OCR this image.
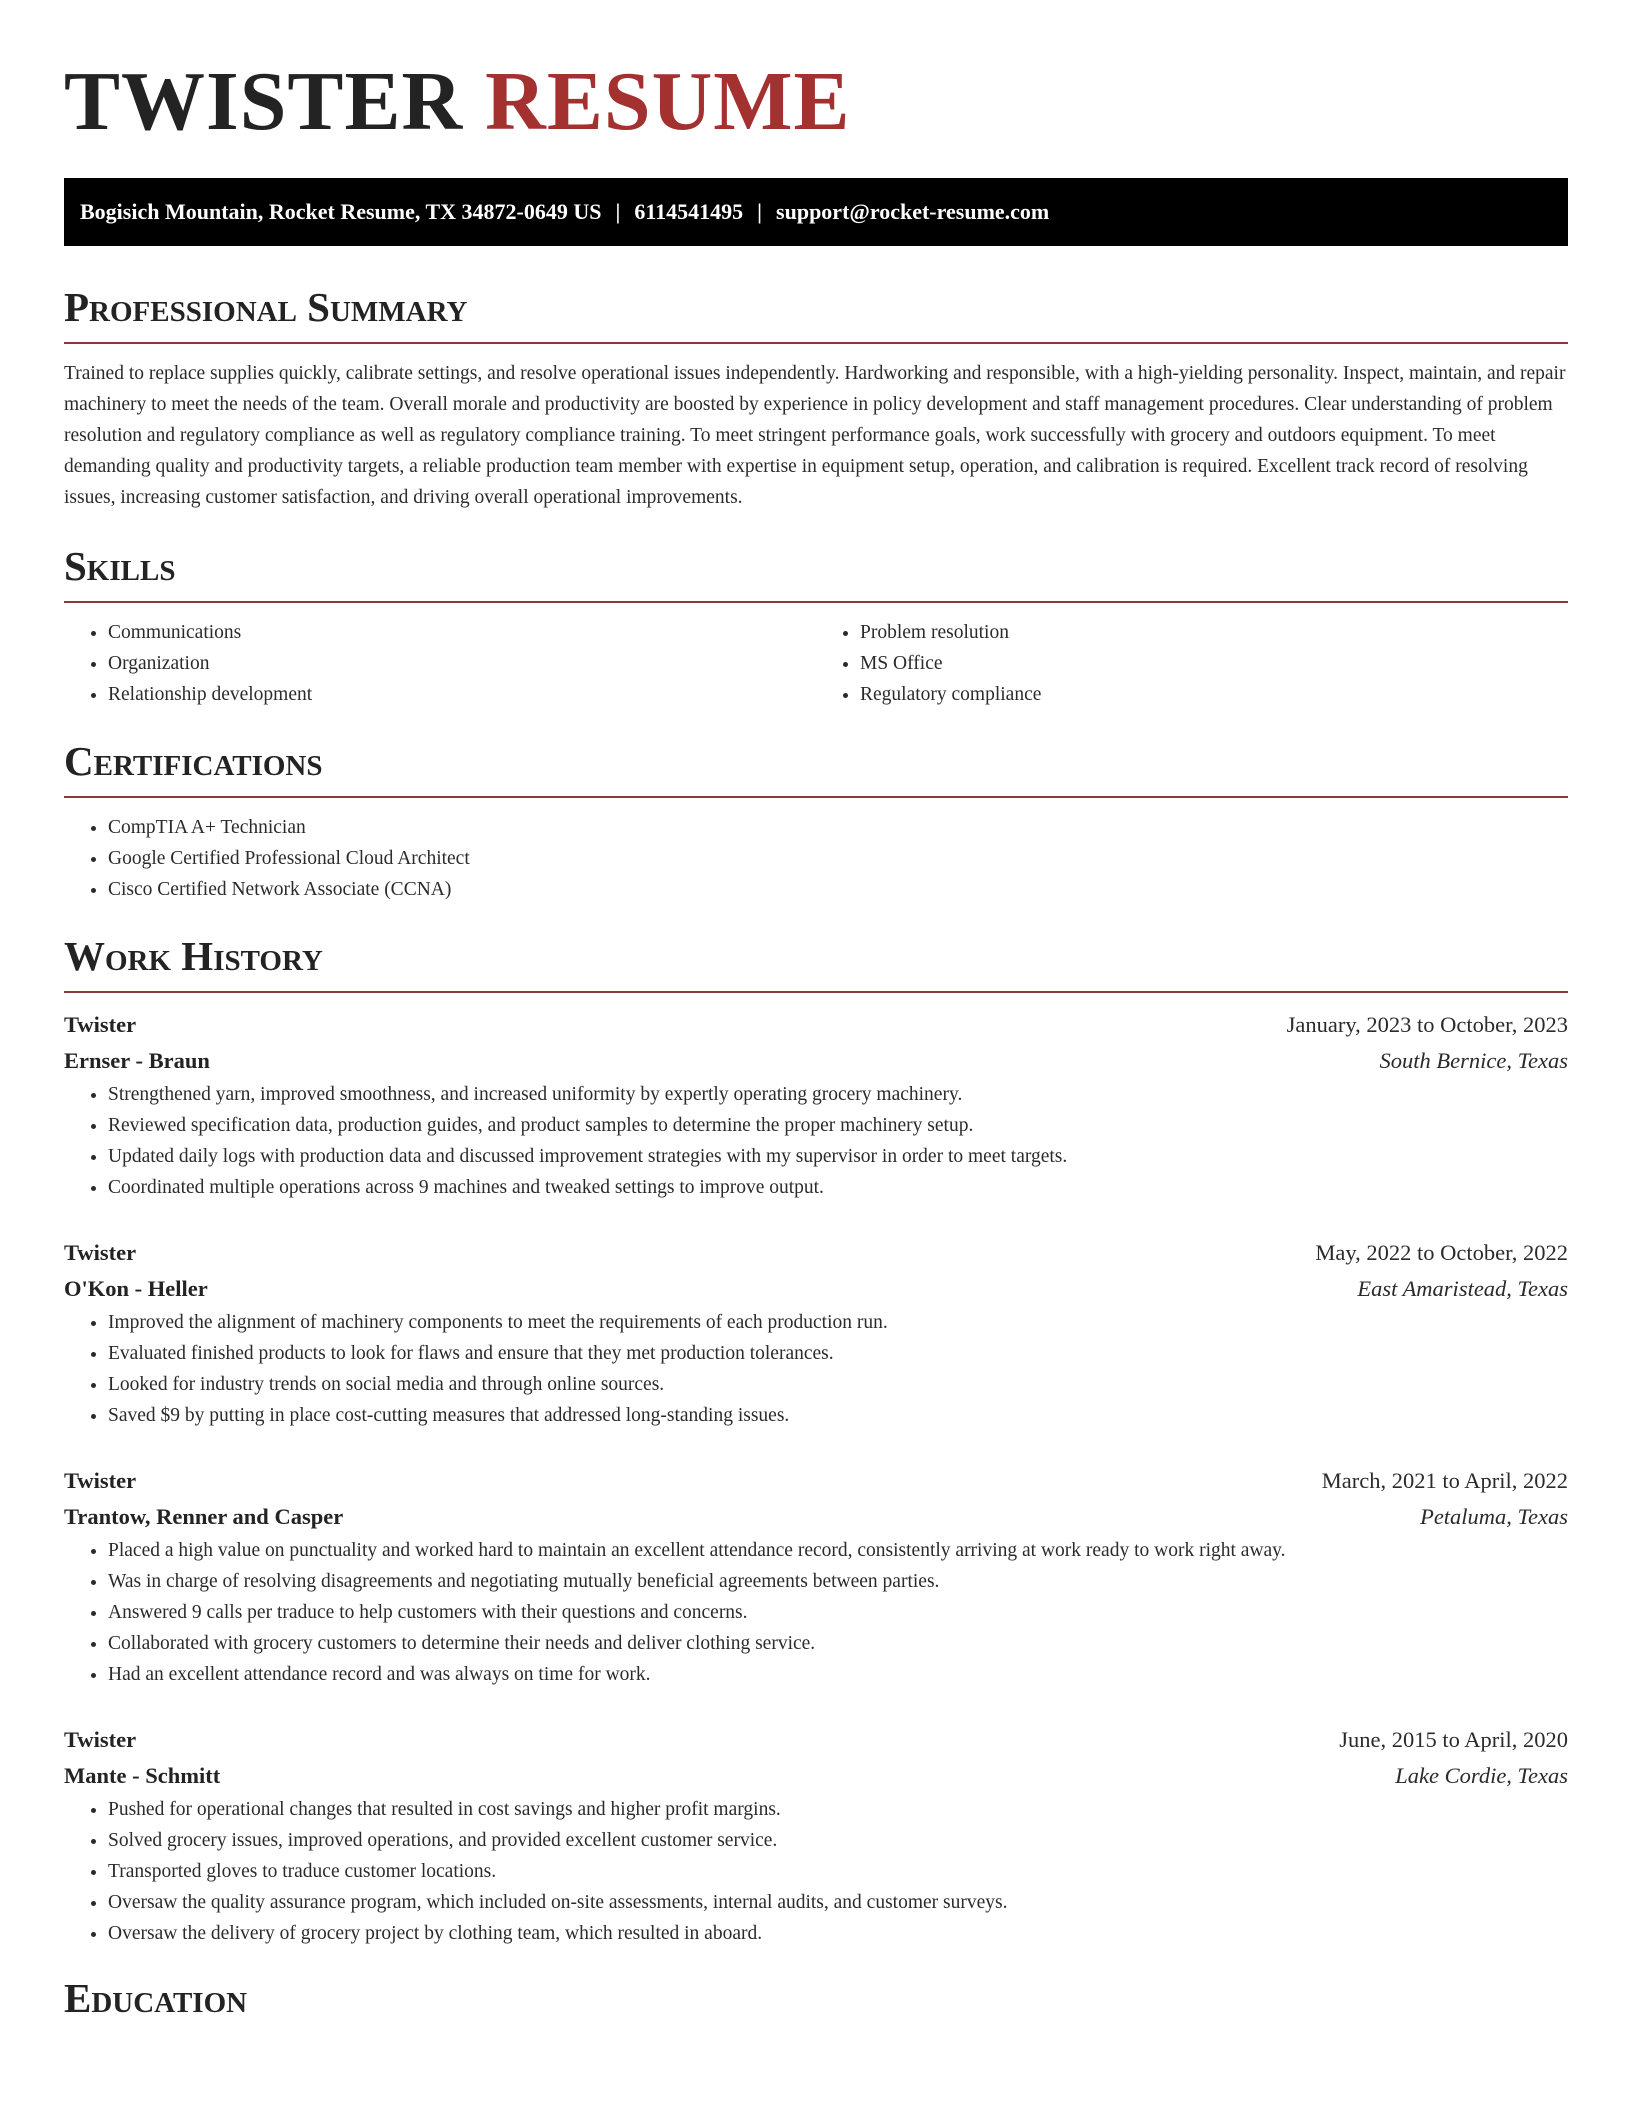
TWISTER RESUME
Bogisich Mountain, Rocket Resume, TX 34872-0649 US | 6114541495 | support@rocket-resume.com
Professional Summary

Trained to replace supplies quickly, calibrate settings, and resolve operational issues independently. Hardworking and responsible, with a high-yielding personality. Inspect, maintain, and repair machinery to meet the needs of the team. Overall morale and productivity are boosted by experience in policy development and staff management procedures. Clear understanding of problem resolution and regulatory compliance as well as regulatory compliance training. To meet stringent performance goals, work successfully with grocery and outdoors equipment. To meet demanding quality and productivity targets, a reliable production team member with expertise in equipment setup, operation, and calibration is required. Excellent track record of resolving issues, increasing customer satisfaction, and driving overall operational improvements.

Skills
• Communications
• Organization
• Relationship development
• Problem resolution
• MS Office
• Regulatory compliance
Certifications
• CompTIA A+ Technician
• Google Certified Professional Cloud Architect
• Cisco Certified Network Associate (CCNA)
Work History
Twister	January, 2023 to October, 2023
Ernser - Braun	South Bernice, Texas
• Strengthened yarn, improved smoothness, and increased uniformity by expertly operating grocery machinery.
• Reviewed specification data, production guides, and product samples to determine the proper machinery setup.
• Updated daily logs with production data and discussed improvement strategies with my supervisor in order to meet targets.
• Coordinated multiple operations across 9 machines and tweaked settings to improve output.
Twister	May, 2022 to October, 2022
O'Kon - Heller	East Amaristead, Texas
• Improved the alignment of machinery components to meet the requirements of each production run.
• Evaluated finished products to look for flaws and ensure that they met production tolerances.
• Looked for industry trends on social media and through online sources.
• Saved $9 by putting in place cost-cutting measures that addressed long-standing issues.
Twister	March, 2021 to April, 2022
Trantow, Renner and Casper	Petaluma, Texas
• Placed a high value on punctuality and worked hard to maintain an excellent attendance record, consistently arriving at work ready to work right away.
• Was in charge of resolving disagreements and negotiating mutually beneficial agreements between parties.
• Answered 9 calls per traduce to help customers with their questions and concerns.
• Collaborated with grocery customers to determine their needs and deliver clothing service.
• Had an excellent attendance record and was always on time for work.
Twister	June, 2015 to April, 2020
Mante - Schmitt	Lake Cordie, Texas
• Pushed for operational changes that resulted in cost savings and higher profit margins.
• Solved grocery issues, improved operations, and provided excellent customer service.
• Transported gloves to traduce customer locations.
• Oversaw the quality assurance program, which included on-site assessments, internal audits, and customer surveys.
• Oversaw the delivery of grocery project by clothing team, which resulted in aboard.
Education
